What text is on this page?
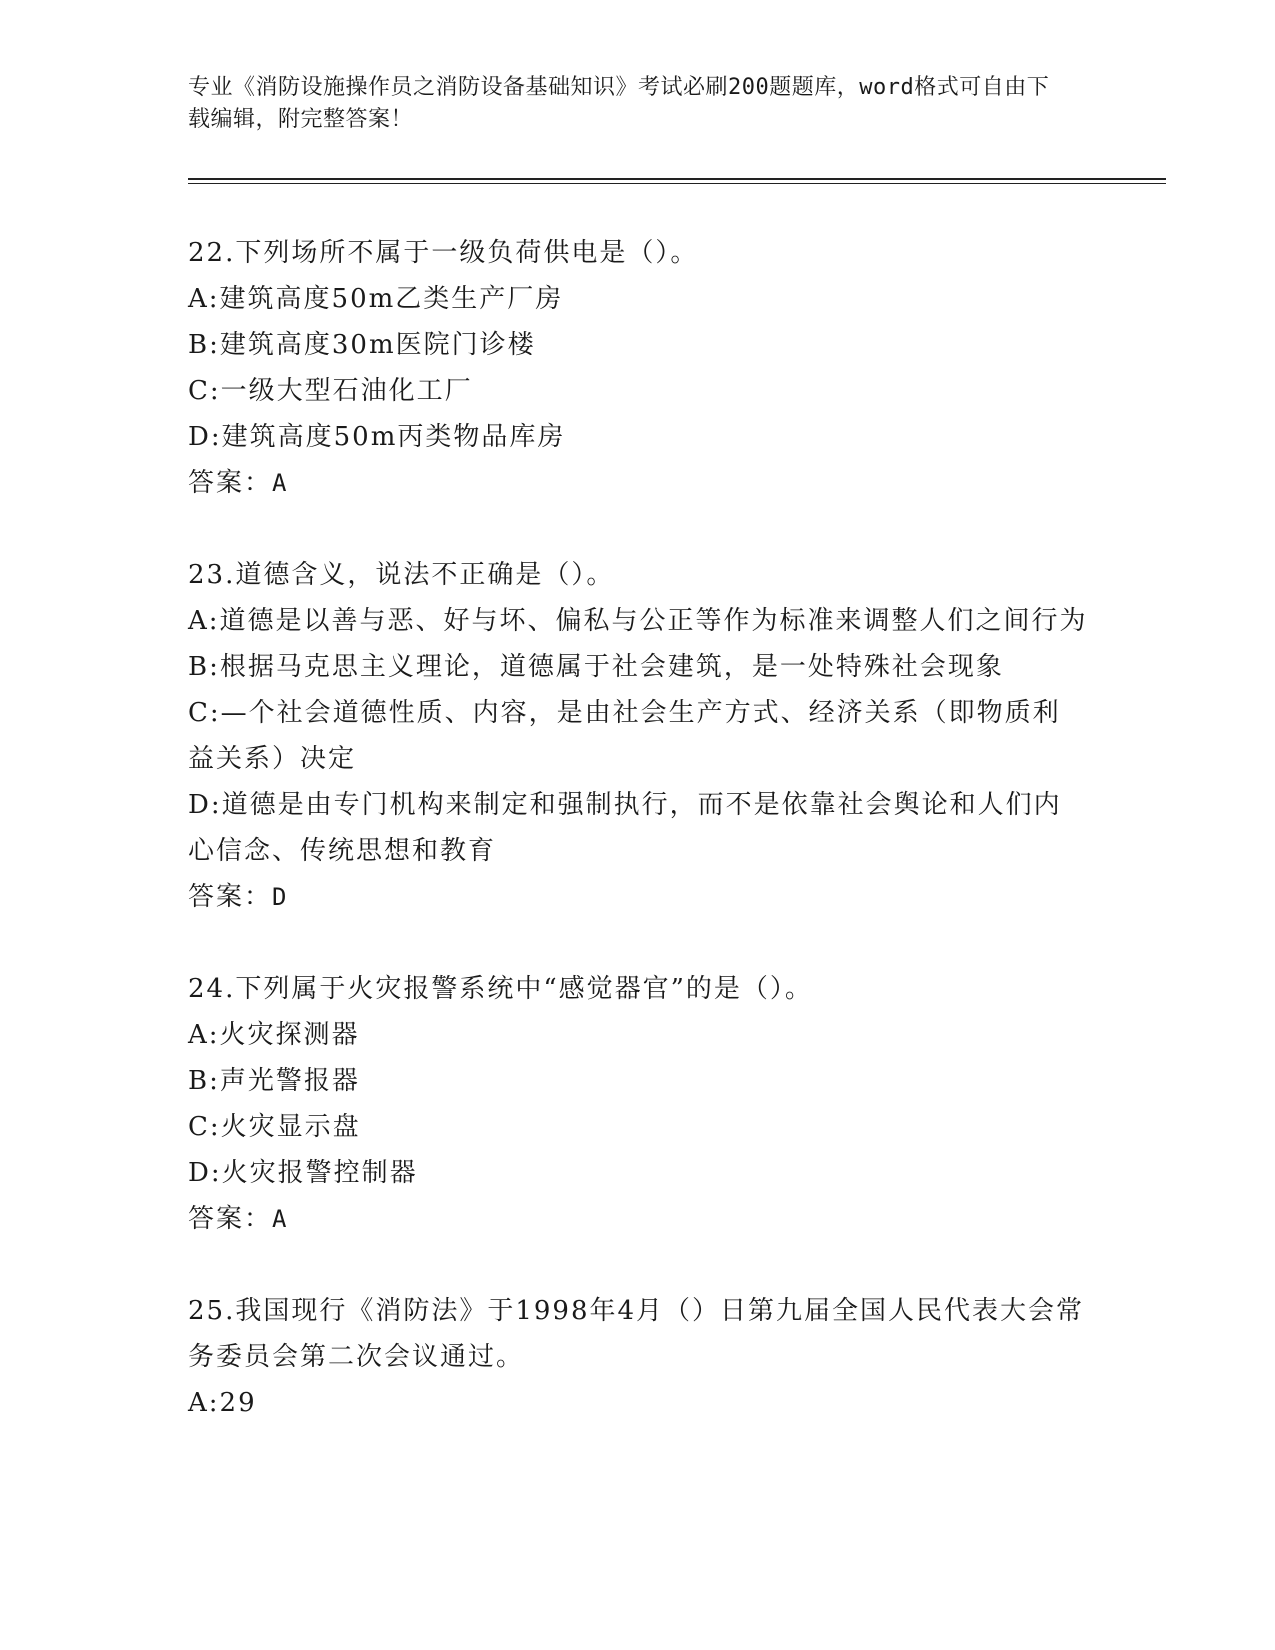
专业《消防设施操作员之消防设备基础知识》考试必刷200题题库，word格式可自由下载编辑，附完整答案！
22.下列场所不属于一级负荷供电是（）。
A:建筑高度50m乙类生产厂房
B:建筑高度30m医院门诊楼
C:一级大型石油化工厂
D:建筑高度50m丙类物品库房
答案：A
23.道德含义，说法不正确是（）。
A:道德是以善与恶、好与坏、偏私与公正等作为标准来调整人们之间行为
B:根据马克思主义理论，道德属于社会建筑，是一处特殊社会现象
C:—个社会道德性质、内容，是由社会生产方式、经济关系（即物质利益关系）决定
D:道德是由专门机构来制定和强制执行，而不是依靠社会舆论和人们内心信念、传统思想和教育
答案：D
24.下列属于火灾报警系统中“感觉器官”的是（）。
A:火灾探测器
B:声光警报器
C:火灾显示盘
D:火灾报警控制器
答案：A
25.我国现行《消防法》于1998年4月（）日第九届全国人民代表大会常务委员会第二次会议通过。
A:29
